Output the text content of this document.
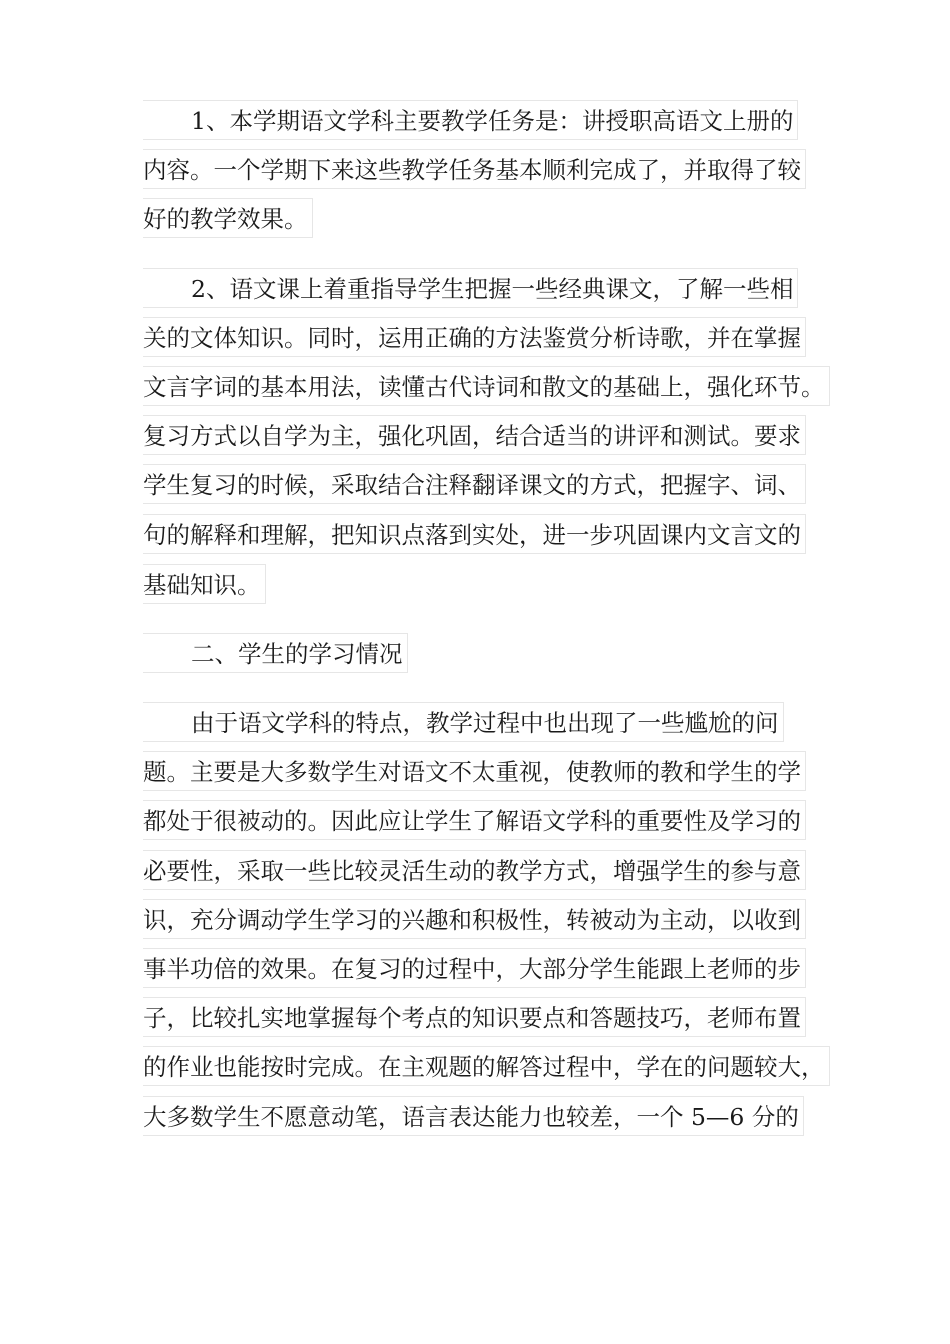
1、本学期语文学科主要教学任务是：讲授职高语文上册的
内容。一个学期下来这些教学任务基本顺利完成了，并取得了较
好的教学效果。
2、语文课上着重指导学生把握一些经典课文，了解一些相
关的文体知识。同时，运用正确的方法鉴赏分析诗歌，并在掌握
文言字词的基本用法，读懂古代诗词和散文的基础上，强化环节。
复习方式以自学为主，强化巩固，结合适当的讲评和测试。要求
学生复习的时候，采取结合注释翻译课文的方式，把握字、词、
句的解释和理解，把知识点落到实处，进一步巩固课内文言文的
基础知识。
二、学生的学习情况
由于语文学科的特点，教学过程中也出现了一些尴尬的问
题。主要是大多数学生对语文不太重视，使教师的教和学生的学
都处于很被动的。因此应让学生了解语文学科的重要性及学习的
必要性，采取一些比较灵活生动的教学方式，增强学生的参与意
识，充分调动学生学习的兴趣和积极性，转被动为主动，以收到
事半功倍的效果。在复习的过程中，大部分学生能跟上老师的步
子，比较扎实地掌握每个考点的知识要点和答题技巧，老师布置
的作业也能按时完成。在主观题的解答过程中，学在的问题较大，
大多数学生不愿意动笔，语言表达能力也较差，一个 5—6 分的
